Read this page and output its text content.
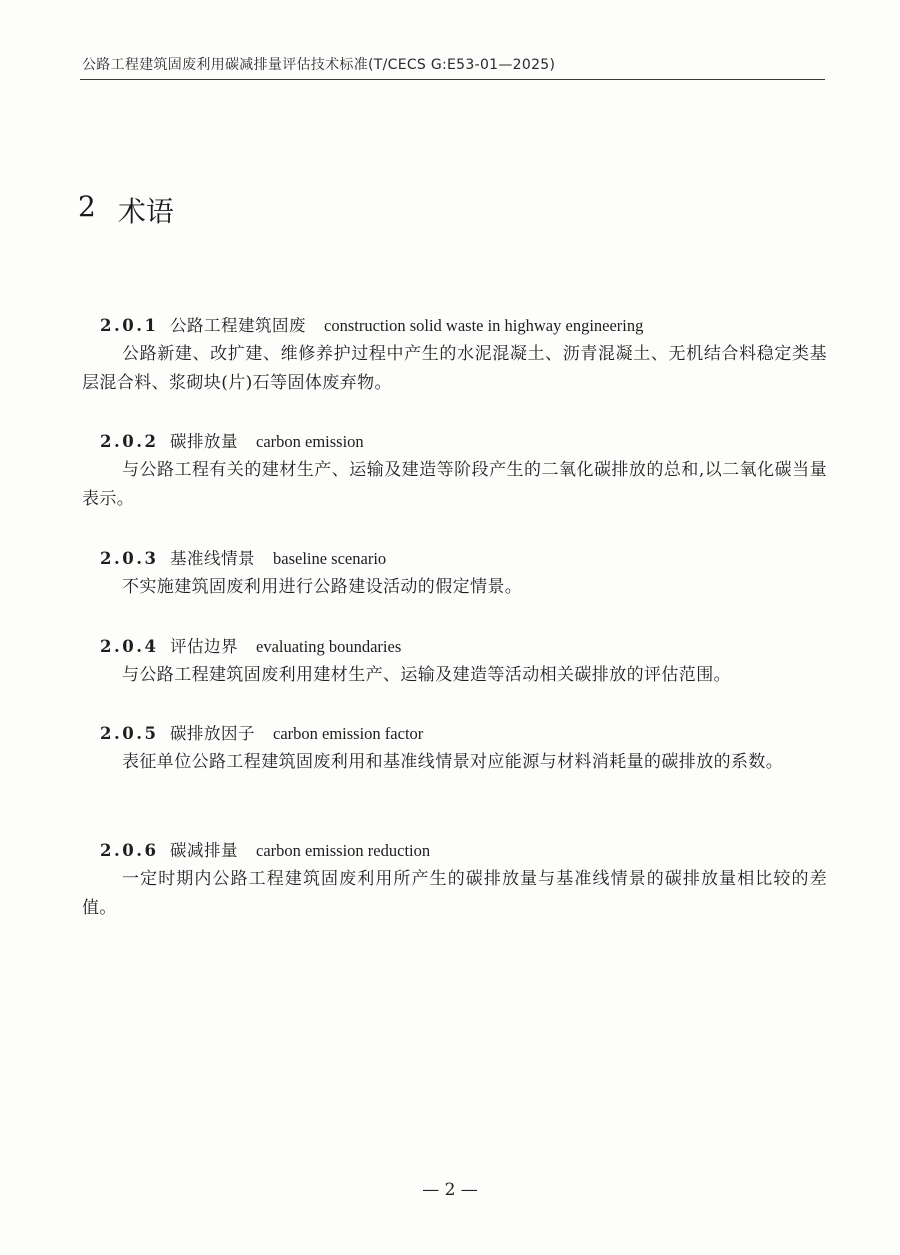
公路工程建筑固废利用碳减排量评估技术标准(T/CECS G:E53-01—2025)
2 术语
2.0.1 公路工程建筑固废 construction solid waste in highway engineering
公路新建、改扩建、维修养护过程中产生的水泥混凝土、沥青混凝土、无机结合料稳定类基层混合料、浆砌块(片)石等固体废弃物。
2.0.2 碳排放量 carbon emission
与公路工程有关的建材生产、运输及建造等阶段产生的二氧化碳排放的总和,以二氧化碳当量表示。
2.0.3 基准线情景 baseline scenario
不实施建筑固废利用进行公路建设活动的假定情景。
2.0.4 评估边界 evaluating boundaries
与公路工程建筑固废利用建材生产、运输及建造等活动相关碳排放的评估范围。
2.0.5 碳排放因子 carbon emission factor
表征单位公路工程建筑固废利用和基准线情景对应能源与材料消耗量的碳排放的系数。
2.0.6 碳减排量 carbon emission reduction
一定时期内公路工程建筑固废利用所产生的碳排放量与基准线情景的碳排放量相比较的差值。
— 2 —
